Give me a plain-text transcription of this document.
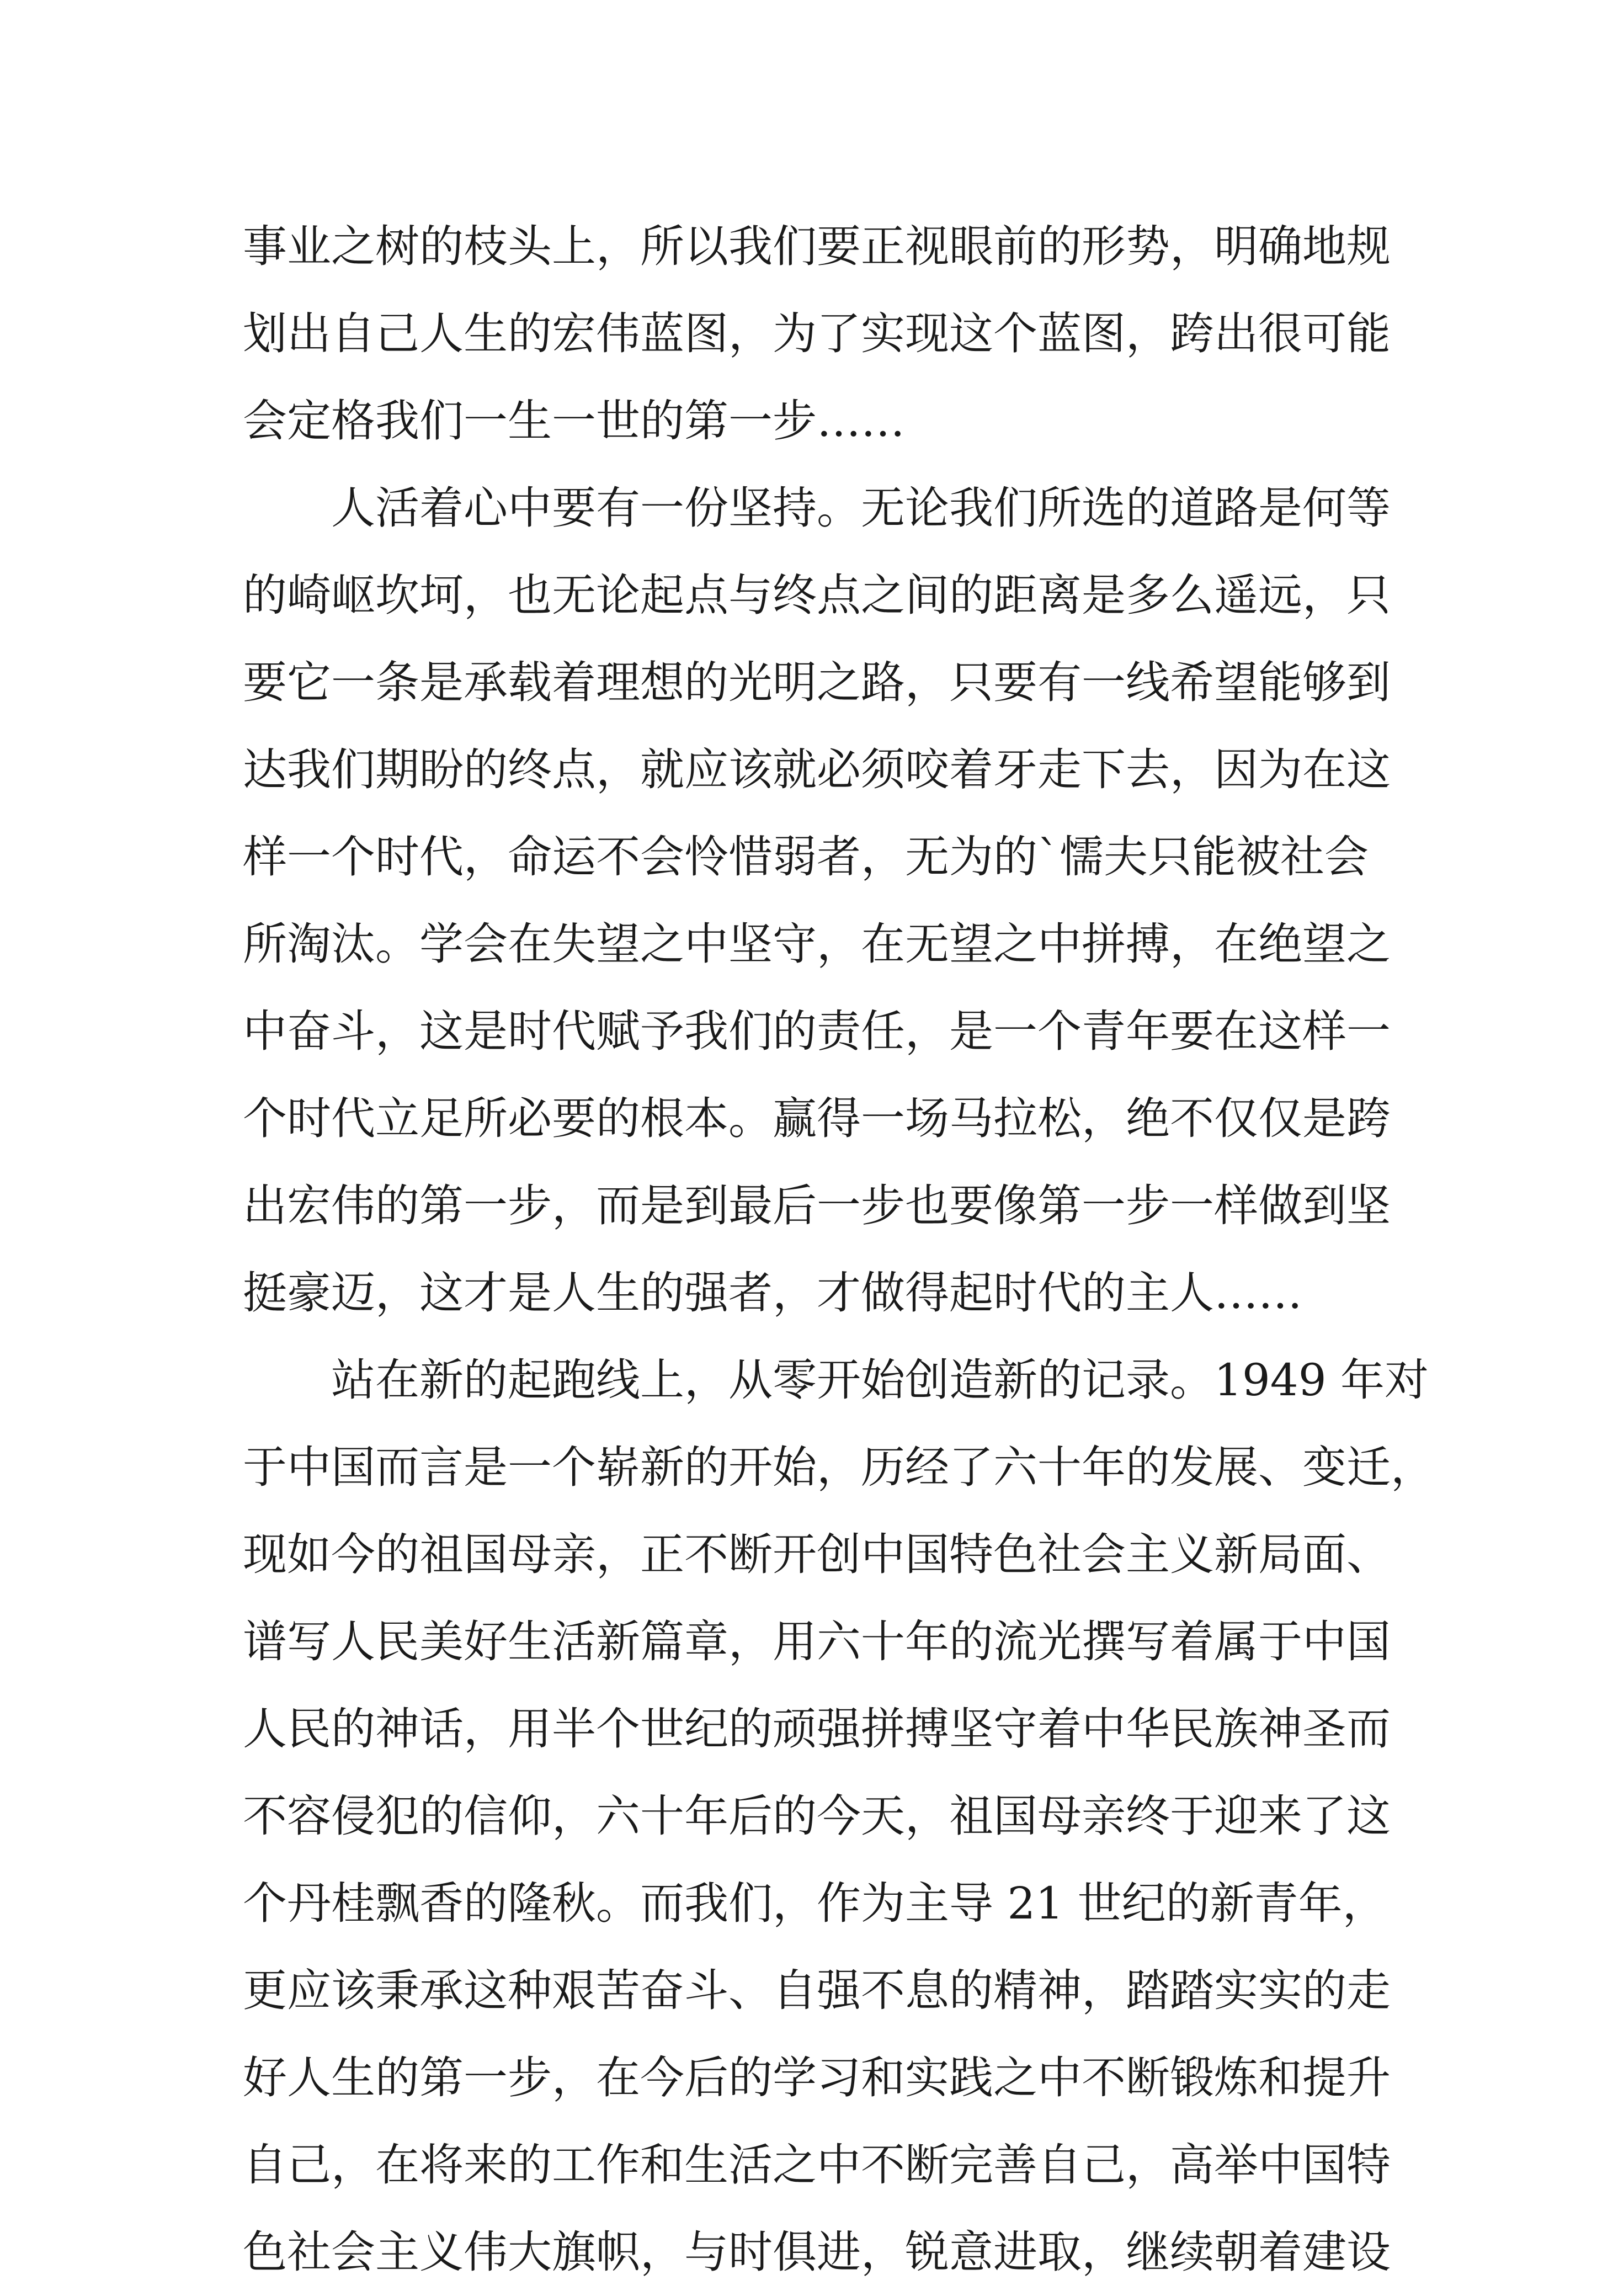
事业之树的枝头上，所以我们要正视眼前的形势，明确地规
划出自己人生的宏伟蓝图，为了实现这个蓝图，跨出很可能
会定格我们一生一世的第一步……
人活着心中要有一份坚持。无论我们所选的道路是何等
的崎岖坎坷，也无论起点与终点之间的距离是多么遥远，只
要它一条是承载着理想的光明之路，只要有一线希望能够到
达我们期盼的终点，就应该就必须咬着牙走下去，因为在这
样一个时代，命运不会怜惜弱者，无为的`懦夫只能被社会
所淘汰。学会在失望之中坚守，在无望之中拼搏，在绝望之
中奋斗，这是时代赋予我们的责任，是一个青年要在这样一
个时代立足所必要的根本。赢得一场马拉松，绝不仅仅是跨
出宏伟的第一步，而是到最后一步也要像第一步一样做到坚
挺豪迈，这才是人生的强者，才做得起时代的主人……
站在新的起跑线上，从零开始创造新的记录。1949 年对
于中国而言是一个崭新的开始，历经了六十年的发展、变迁，
现如今的祖国母亲，正不断开创中国特色社会主义新局面、
谱写人民美好生活新篇章，用六十年的流光撰写着属于中国
人民的神话，用半个世纪的顽强拼搏坚守着中华民族神圣而
不容侵犯的信仰，六十年后的今天，祖国母亲终于迎来了这
个丹桂飘香的隆秋。而我们，作为主导 21 世纪的新青年，
更应该秉承这种艰苦奋斗、自强不息的精神，踏踏实实的走
好人生的第一步，在今后的学习和实践之中不断锻炼和提升
自己，在将来的工作和生活之中不断完善自己，高举中国特
色社会主义伟大旗帜，与时俱进，锐意进取，继续朝着建设
